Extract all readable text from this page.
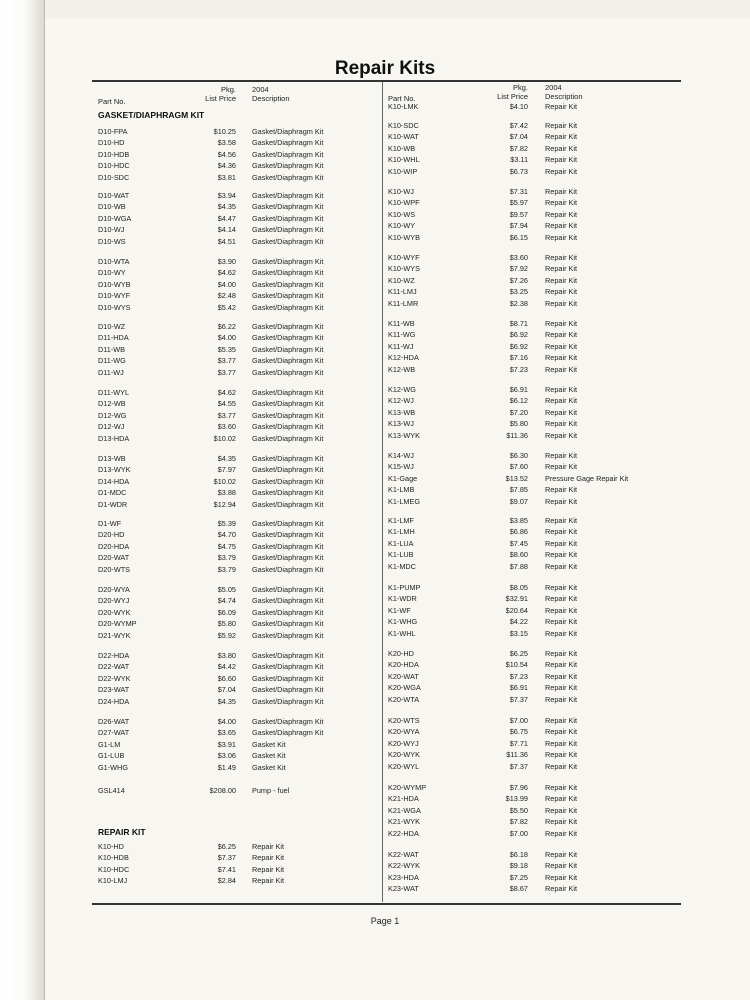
Repair Kits
Part No.
Pkg.
List Price
2004
Description	Part No.
Pkg.
List Price
2004
Description
GASKET/DIAPHRAGM KIT
REPAIR KIT
D10-FPA	$10.25 Gasket/Diaphragm Kit
D10-HD	$3.58 Gasket/Diaphragm Kit
D10-HDB	$4.56 Gasket/Diaphragm Kit
D10-HDC	$4.36 Gasket/Diaphragm Kit
D10-SDC	$3.81 Gasket/Diaphragm Kit
D10-WAT	$3.94 Gasket/Diaphragm Kit
D10-WB	$4.35 Gasket/Diaphragm Kit
D10-WGA	$4.47 Gasket/Diaphragm Kit
D10-WJ	$4.14 Gasket/Diaphragm Kit
D10-WS	$4.51 Gasket/Diaphragm Kit
D10-WTA	$3.90 Gasket/Diaphragm Kit
D10-WY	$4.62 Gasket/Diaphragm Kit
D10-WYB	$4.00 Gasket/Diaphragm Kit
D10-WYF	$2.48 Gasket/Diaphragm Kit
D10-WYS	$5.42 Gasket/Diaphragm Kit
D10-WZ	$6.22 Gasket/Diaphragm Kit
D11-HDA	$4.00 Gasket/Diaphragm Kit
D11-WB	$5.35 Gasket/Diaphragm Kit
D11-WG	$3.77 Gasket/Diaphragm Kit
D11-WJ	$3.77 Gasket/Diaphragm Kit
D11-WYL	$4.62 Gasket/Diaphragm Kit
D12-WB	$4.55 Gasket/Diaphragm Kit
D12-WG	$3.77 Gasket/Diaphragm Kit
D12-WJ	$3.60 Gasket/Diaphragm Kit
D13-HDA	$10.02 Gasket/Diaphragm Kit
D13-WB	$4.35 Gasket/Diaphragm Kit
D13-WYK	$7.97 Gasket/Diaphragm Kit
D14-HDA	$10.02 Gasket/Diaphragm Kit
D1-MDC	$3.88 Gasket/Diaphragm Kit
D1-WDR	$12.94 Gasket/Diaphragm Kit
D1-WF	$5.39 Gasket/Diaphragm Kit
D20-HD	$4.70 Gasket/Diaphragm Kit
D20-HDA	$4.75 Gasket/Diaphragm Kit
D20-WAT	$3.79 Gasket/Diaphragm Kit
D20-WTS	$3.79 Gasket/Diaphragm Kit
D20-WYA	$5.05 Gasket/Diaphragm Kit
D20-WYJ	$4.74 Gasket/Diaphragm Kit
D20-WYK	$6.09 Gasket/Diaphragm Kit
D20-WYMP	$5.80 Gasket/Diaphragm Kit
D21-WYK	$5.92 Gasket/Diaphragm Kit
D22-HDA	$3.80 Gasket/Diaphragm Kit
D22-WAT	$4.42 Gasket/Diaphragm Kit
D22-WYK	$6.60 Gasket/Diaphragm Kit
D23-WAT	$7.04 Gasket/Diaphragm Kit
D24-HDA	$4.35 Gasket/Diaphragm Kit
D26-WAT	$4.00 Gasket/Diaphragm Kit
D27-WAT	$3.65 Gasket/Diaphragm Kit
G1-LM	$3.91 Gasket Kit
G1-LUB	$3.06 Gasket Kit
G1-WHG	$1.49 Gasket Kit
GSL414	$208.00 Pump - fuel
K10-HD	$6.25 Repair Kit
K10-HDB	$7.37 Repair Kit
K10-HDC	$7.41 Repair Kit
K10-LMJ	$2.84 Repair Kit
K10-LMK	$4.10 Repair Kit
K10-SDC	$7.42 Repair Kit
K10-WAT	$7.04 Repair Kit
K10-WB	$7.82 Repair Kit
K10-WHL	$3.11 Repair Kit
K10-WIP	$6.73 Repair Kit
K10-WJ	$7.31 Repair Kit
K10-WPF	$5.97 Repair Kit
K10-WS	$9.57 Repair Kit
K10-WY	$7.94 Repair Kit
K10-WYB	$6.15 Repair Kit
K10-WYF	$3.60 Repair Kit
K10-WYS	$7.92 Repair Kit
K10-WZ	$7.26 Repair Kit
K11-LMJ	$3.25 Repair Kit
K11-LMR	$2.38 Repair Kit
K11-WB	$8.71 Repair Kit
K11-WG	$6.92 Repair Kit
K11-WJ	$6.92 Repair Kit
K12-HDA	$7.16 Repair Kit
K12-WB	$7.23 Repair Kit
K12-WG	$6.91 Repair Kit
K12-WJ	$6.12 Repair Kit
K13-WB	$7.20 Repair Kit
K13-WJ	$5.80 Repair Kit
K13-WYK	$11.36 Repair Kit
K14-WJ	$6.30 Repair Kit
K15-WJ	$7.60 Repair Kit
K1-Gage	$13.52 Pressure Gage Repair Kit
K1-LMB	$7.85 Repair Kit
K1-LMEG	$9.07 Repair Kit
K1-LMF	$3.85 Repair Kit
K1-LMH	$6.86 Repair Kit
K1-LUA	$7.45 Repair Kit
K1-LUB	$8.60 Repair Kit
K1-MDC	$7.88 Repair Kit
K1-PUMP	$8.05 Repair Kit
K1-WDR	$32.91 Repair Kit
K1-WF	$20.64 Repair Kit
K1-WHG	$4.22 Repair Kit
K1-WHL	$3.15 Repair Kit
K20-HD	$6.25 Repair Kit
K20-HDA	$10.54 Repair Kit
K20-WAT	$7.23 Repair Kit
K20-WGA	$6.91 Repair Kit
K20-WTA	$7.37 Repair Kit
K20-WTS	$7.00 Repair Kit
K20-WYA	$6.75 Repair Kit
K20-WYJ	$7.71 Repair Kit
K20-WYK	$11.36 Repair Kit
K20-WYL	$7.37 Repair Kit
K20-WYMP	$7.96 Repair Kit
K21-HDA	$13.99 Repair Kit
K21-WGA	$5.50 Repair Kit
K21-WYK	$7.82 Repair Kit
K22-HDA	$7.00 Repair Kit
K22-WAT	$6.18 Repair Kit
K22-WYK	$9.18 Repair Kit
K23-HDA	$7.25 Repair Kit
K23-WAT	$8.67 Repair Kit
Page 1
